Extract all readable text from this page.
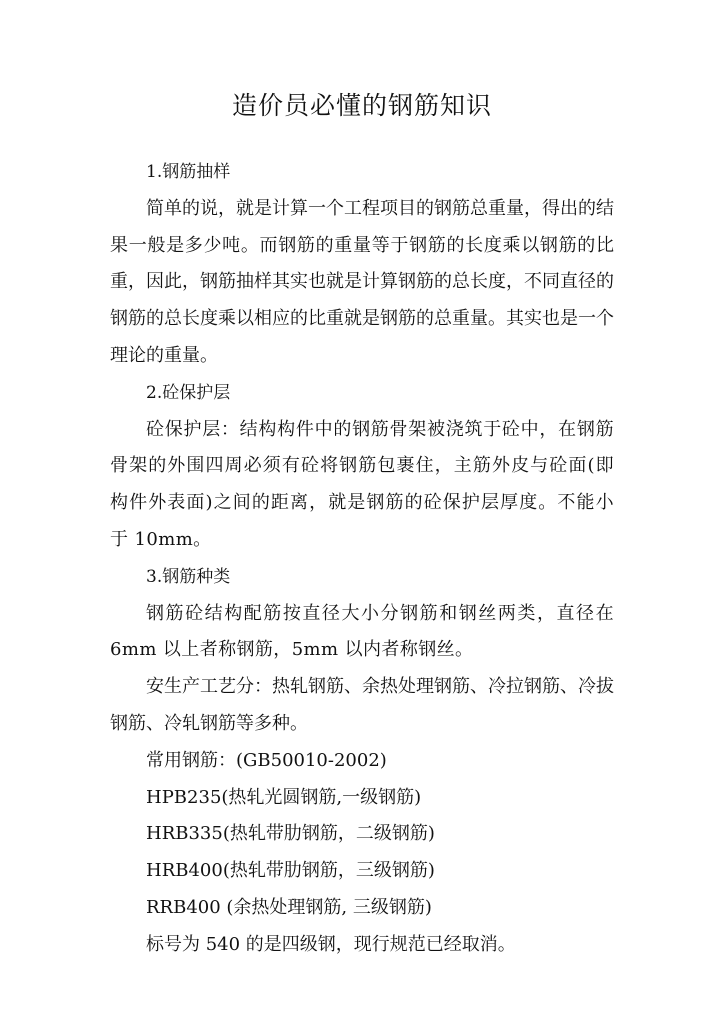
造价员必懂的钢筋知识

1.钢筋抽样

简单的说，就是计算一个工程项目的钢筋总重量，得出的结果一般是多少吨。而钢筋的重量等于钢筋的长度乘以钢筋的比重，因此，钢筋抽样其实也就是计算钢筋的总长度，不同直径的钢筋的总长度乘以相应的比重就是钢筋的总重量。其实也是一个理论的重量。

2.砼保护层

砼保护层：结构构件中的钢筋骨架被浇筑于砼中，在钢筋骨架的外围四周必须有砼将钢筋包裹住，主筋外皮与砼面(即构件外表面)之间的距离，就是钢筋的砼保护层厚度。不能小于 10mm。

3.钢筋种类

钢筋砼结构配筋按直径大小分钢筋和钢丝两类，直径在 6mm 以上者称钢筋，5mm 以内者称钢丝。

安生产工艺分：热轧钢筋、余热处理钢筋、冷拉钢筋、冷拔钢筋、冷轧钢筋等多种。

常用钢筋：(GB50010-2002)

HPB235(热轧光圆钢筋,一级钢筋)

HRB335(热轧带肋钢筋，二级钢筋)

HRB400(热轧带肋钢筋，三级钢筋)

RRB400 (余热处理钢筋, 三级钢筋)

标号为 540 的是四级钢，现行规范已经取消。
